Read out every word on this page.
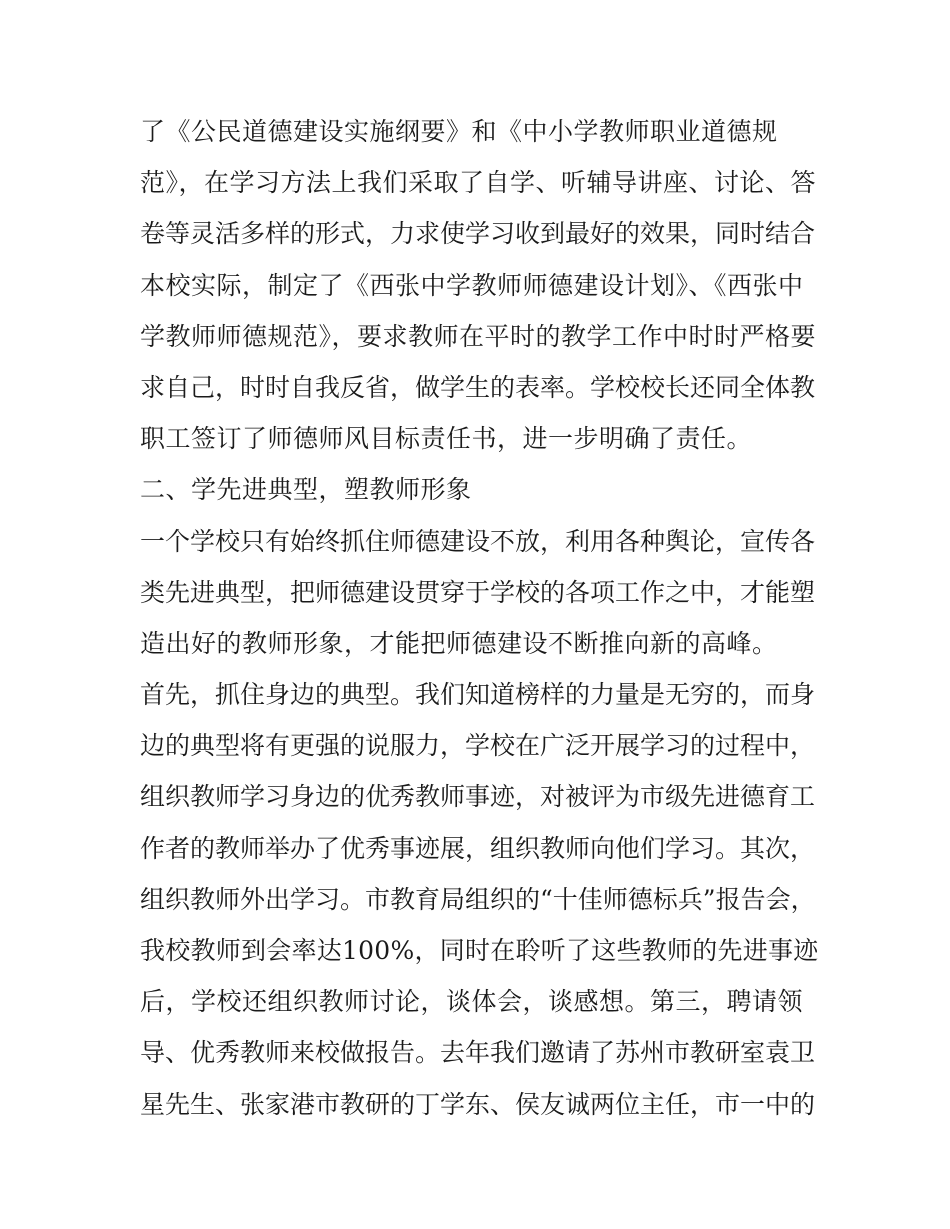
了《公民道德建设实施纲要》和《中小学教师职业道德规
范》，在学习方法上我们采取了自学、听辅导讲座、讨论、答
卷等灵活多样的形式，力求使学习收到最好的效果，同时结合
本校实际，制定了《西张中学教师师德建设计划》、《西张中
学教师师德规范》，要求教师在平时的教学工作中时时严格要
求自己，时时自我反省，做学生的表率。学校校长还同全体教
职工签订了师德师风目标责任书，进一步明确了责任。
二、学先进典型，塑教师形象
一个学校只有始终抓住师德建设不放，利用各种舆论，宣传各
类先进典型，把师德建设贯穿于学校的各项工作之中，才能塑
造出好的教师形象，才能把师德建设不断推向新的高峰。
首先，抓住身边的典型。我们知道榜样的力量是无穷的，而身
边的典型将有更强的说服力，学校在广泛开展学习的过程中，
组织教师学习身边的优秀教师事迹，对被评为市级先进德育工
作者的教师举办了优秀事迹展，组织教师向他们学习。其次，
组织教师外出学习。市教育局组织的“十佳师德标兵”报告会，
我校教师到会率达100%，同时在聆听了这些教师的先进事迹
后，学校还组织教师讨论，谈体会，谈感想。第三，聘请领
导、优秀教师来校做报告。去年我们邀请了苏州市教研室袁卫
星先生、张家港市教研的丁学东、侯友诚两位主任，市一中的
